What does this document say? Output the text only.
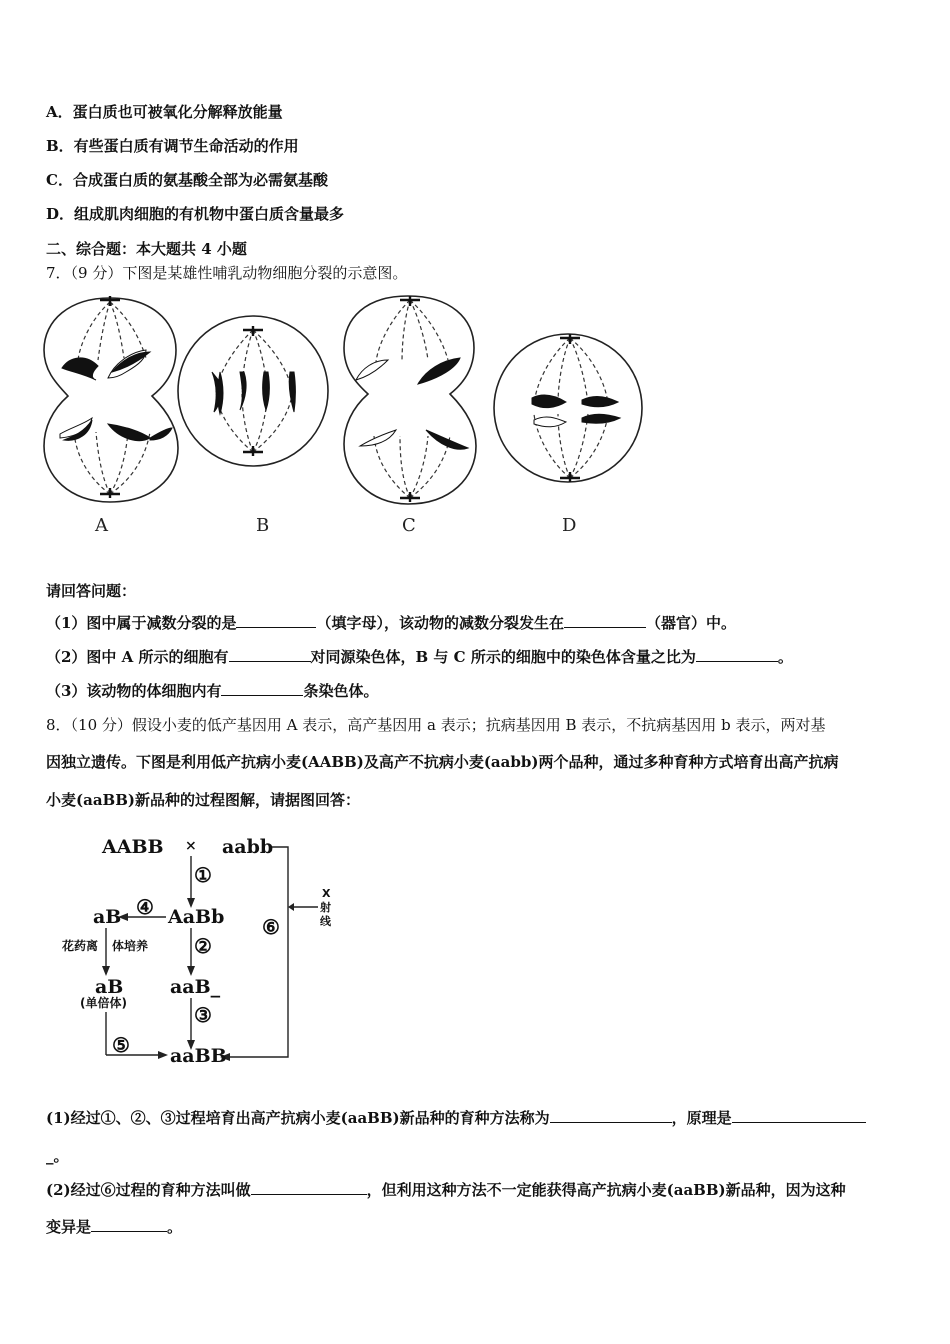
A．蛋白质也可被氧化分解释放能量
B．有些蛋白质有调节生命活动的作用
C．合成蛋白质的氨基酸全部为必需氨基酸
D．组成肌肉细胞的有机物中蛋白质含量最多
二、综合题：本大题共 4 小题
7．（9 分）下图是某雄性哺乳动物细胞分裂的示意图。
A	B	C	D
请回答问题：
（1）图中属于减数分裂的是	（填字母），该动物的减数分裂发生在	（器官）中。
（2）图中 A 所示的细胞有	对同源染色体，B 与 C 所示的细胞中的染色体含量之比为	。
（3）该动物的体细胞内有	条染色体。
8．（10 分）假设小麦的低产基因用 A 表示，高产基因用 a 表示；抗病基因用 B 表示，不抗病基因用 b 表示，两对基
因独立遗传。下图是利用低产抗病小麦(AABB)及高产不抗病小麦(aabb)两个品种，通过多种育种方式培育出高产抗病
小麦(aaBB)新品种的过程图解，请据图回答：
AABB × aabb
①
AaBb
aB ④
花药离 体培养 ②
aB
(单倍体)
aaB_
③
⑤ aaBB
⑥
X
射
线
(1)经过①、②、③过程培育出高产抗病小麦(aaBB)新品种的育种方法称为	，原理是
_。
(2)经过⑥过程的育种方法叫做	，但利用这种方法不一定能获得高产抗病小麦(aaBB)新品种，因为这种
变异是	。
